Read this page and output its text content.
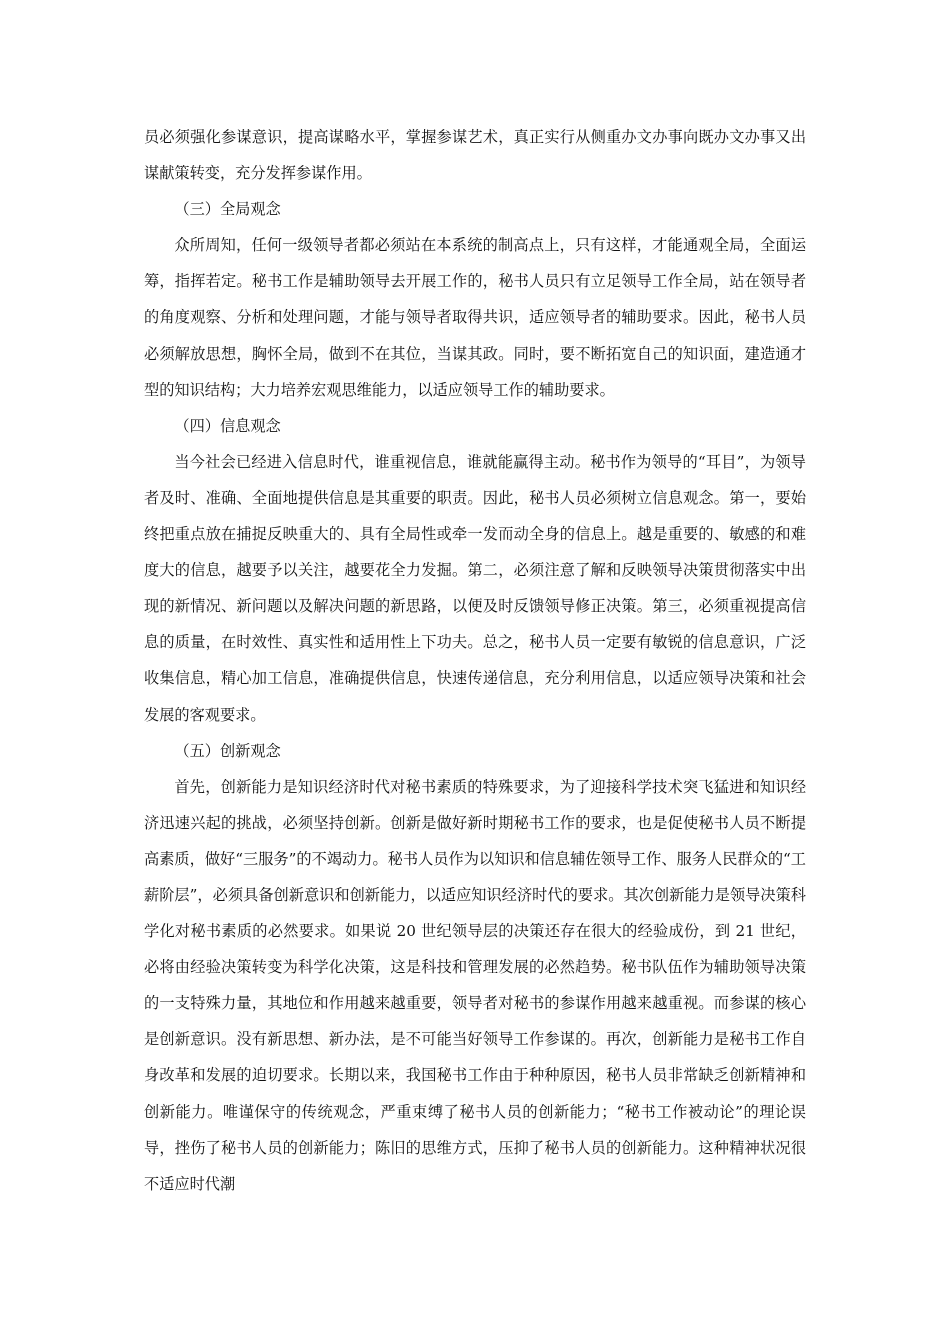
员必须强化参谋意识，提高谋略水平，掌握参谋艺术，真正实行从侧重办文办事向既办文办事又出谋献策转变，充分发挥参谋作用。

（三）全局观念

众所周知，任何一级领导者都必须站在本系统的制高点上，只有这样，才能通观全局，全面运筹，指挥若定。秘书工作是辅助领导去开展工作的，秘书人员只有立足领导工作全局，站在领导者的角度观察、分析和处理问题，才能与领导者取得共识，适应领导者的辅助要求。因此，秘书人员必须解放思想，胸怀全局，做到不在其位，当谋其政。同时，要不断拓宽自己的知识面，建造通才型的知识结构；大力培养宏观思维能力，以适应领导工作的辅助要求。

（四）信息观念

当今社会已经进入信息时代，谁重视信息，谁就能赢得主动。秘书作为领导的“耳目”，为领导者及时、准确、全面地提供信息是其重要的职责。因此，秘书人员必须树立信息观念。第一，要始终把重点放在捕捉反映重大的、具有全局性或牵一发而动全身的信息上。越是重要的、敏感的和难度大的信息，越要予以关注，越要花全力发掘。第二，必须注意了解和反映领导决策贯彻落实中出现的新情况、新问题以及解决问题的新思路，以便及时反馈领导修正决策。第三，必须重视提高信息的质量，在时效性、真实性和适用性上下功夫。总之，秘书人员一定要有敏锐的信息意识，广泛收集信息，精心加工信息，准确提供信息，快速传递信息，充分利用信息，以适应领导决策和社会发展的客观要求。

（五）创新观念

首先，创新能力是知识经济时代对秘书素质的特殊要求，为了迎接科学技术突飞猛进和知识经济迅速兴起的挑战，必须坚持创新。创新是做好新时期秘书工作的要求，也是促使秘书人员不断提高素质，做好“三服务”的不竭动力。秘书人员作为以知识和信息辅佐领导工作、服务人民群众的“工薪阶层”，必须具备创新意识和创新能力，以适应知识经济时代的要求。其次创新能力是领导决策科学化对秘书素质的必然要求。如果说 20 世纪领导层的决策还存在很大的经验成份，到 21 世纪，必将由经验决策转变为科学化决策，这是科技和管理发展的必然趋势。秘书队伍作为辅助领导决策的一支特殊力量，其地位和作用越来越重要，领导者对秘书的参谋作用越来越重视。而参谋的核心是创新意识。没有新思想、新办法，是不可能当好领导工作参谋的。再次，创新能力是秘书工作自身改革和发展的迫切要求。长期以来，我国秘书工作由于种种原因，秘书人员非常缺乏创新精神和创新能力。唯谨保守的传统观念，严重束缚了秘书人员的创新能力；“秘书工作被动论”的理论误导，挫伤了秘书人员的创新能力；陈旧的思维方式，压抑了秘书人员的创新能力。这种精神状况很不适应时代潮
